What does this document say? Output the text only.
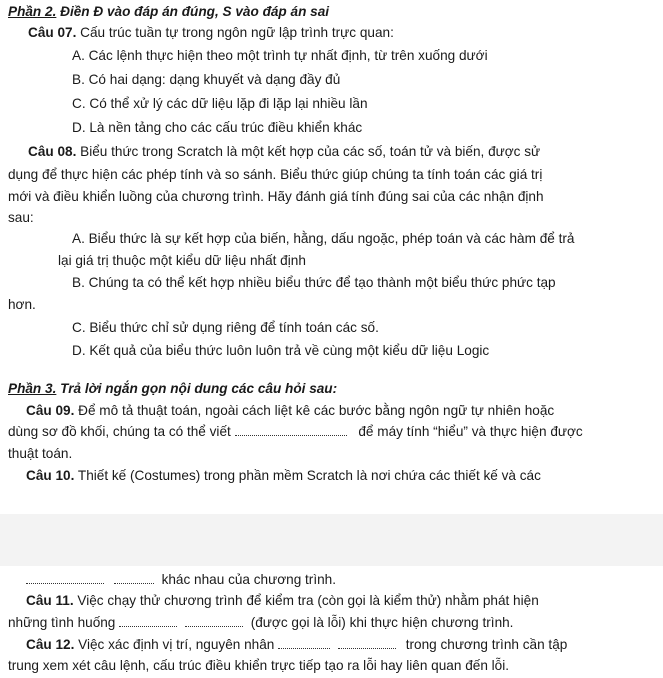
Phần 2. Điền Đ vào đáp án đúng, S vào đáp án sai
Câu 07. Cấu trúc tuần tự trong ngôn ngữ lập trình trực quan:
A. Các lệnh thực hiện theo một trình tự nhất định, từ trên xuống dưới
B. Có hai dạng: dạng khuyết và dạng đầy đủ
C. Có thể xử lý các dữ liệu lặp đi lặp lại nhiều lần
D. Là nền tảng cho các cấu trúc điều khiển khác
Câu 08. Biểu thức trong Scratch là một kết hợp của các số, toán tử và biến, được sử
dụng để thực hiện các phép tính và so sánh. Biểu thức giúp chúng ta tính toán các giá trị
mới và điều khiển luồng của chương trình. Hãy đánh giá tính đúng sai của các nhận định
sau:
A. Biểu thức là sự kết hợp của biến, hằng, dấu ngoặc, phép toán và các hàm để trả
lại giá trị thuộc một kiểu dữ liệu nhất định
B. Chúng ta có thể kết hợp nhiều biểu thức để tạo thành một biểu thức phức tạp
hơn.
C. Biểu thức chỉ sử dụng riêng để tính toán các số.
D. Kết quả của biểu thức luôn luôn trả về cùng một kiểu dữ liệu Logic
Phần 3. Trả lời ngắn gọn nội dung các câu hỏi sau:
Câu 09. Để mô tả thuật toán, ngoài cách liệt kê các bước bằng ngôn ngữ tự nhiên hoặc
dùng sơ đồ khối, chúng ta có thể viết	để máy tính “hiểu” và thực hiện được
thuật toán.
Câu 10. Thiết kế (Costumes) trong phần mềm Scratch là nơi chứa các thiết kế và các
khác nhau của chương trình.
Câu 11. Việc chạy thử chương trình để kiểm tra (còn gọi là kiểm thử) nhằm phát hiện
những tình huống	(được gọi là lỗi) khi thực hiện chương trình.
Câu 12. Việc xác định vị trí, nguyên nhân	trong chương trình cần tập
trung xem xét câu lệnh, cấu trúc điều khiển trực tiếp tạo ra lỗi hay liên quan đến lỗi.
